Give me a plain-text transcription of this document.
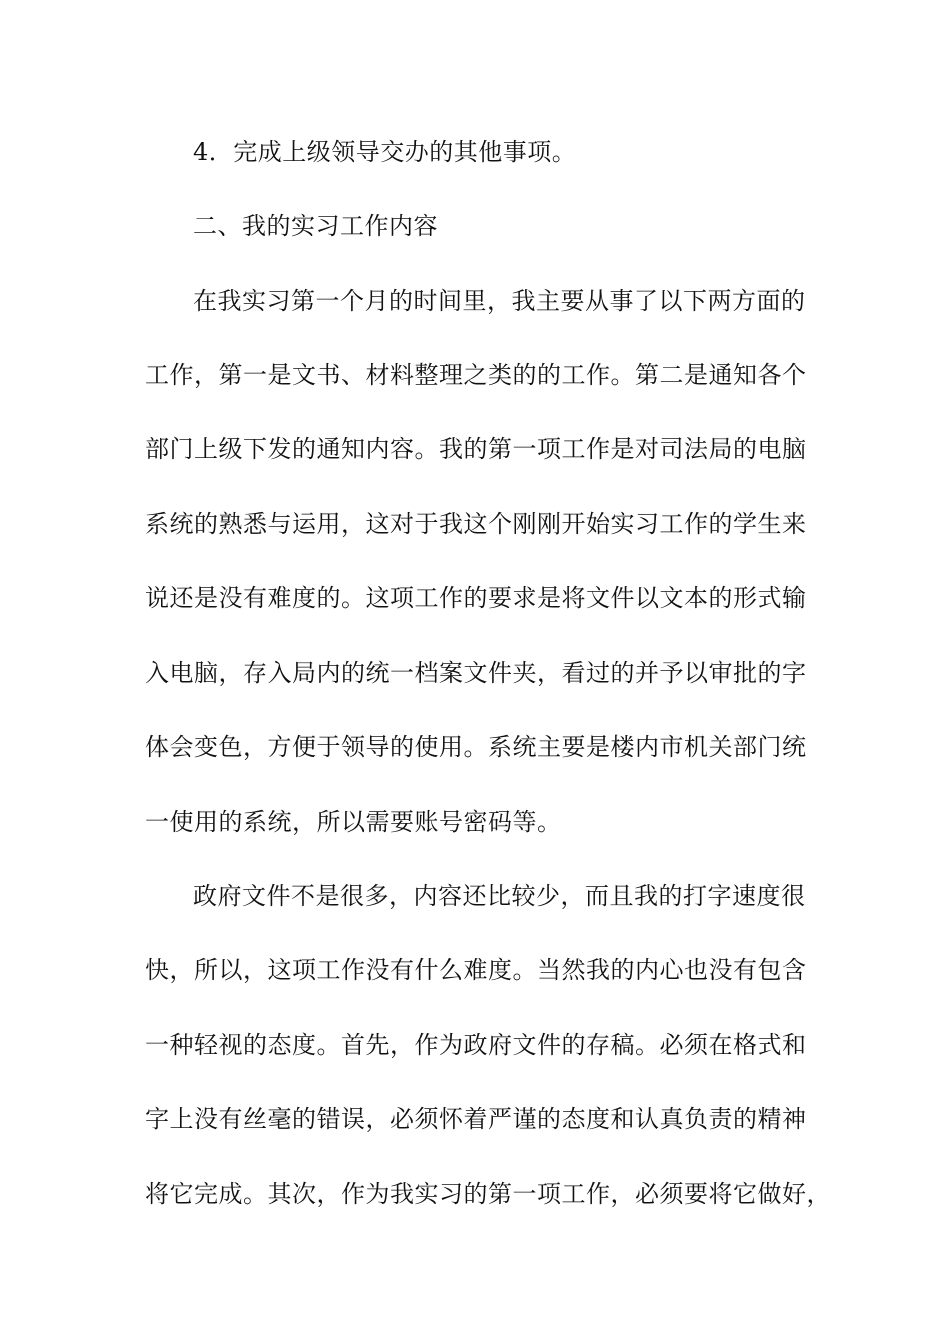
4．完成上级领导交办的其他事项。
二、我的实习工作内容
在我实习第一个月的时间里，我主要从事了以下两方面的
工作，第一是文书、材料整理之类的的工作。第二是通知各个
部门上级下发的通知内容。我的第一项工作是对司法局的电脑
系统的熟悉与运用，这对于我这个刚刚开始实习工作的学生来
说还是没有难度的。这项工作的要求是将文件以文本的形式输
入电脑，存入局内的统一档案文件夹，看过的并予以审批的字
体会变色，方便于领导的使用。系统主要是楼内市机关部门统
一使用的系统，所以需要账号密码等。
政府文件不是很多，内容还比较少，而且我的打字速度很
快，所以，这项工作没有什么难度。当然我的内心也没有包含
一种轻视的态度。首先，作为政府文件的存稿。必须在格式和
字上没有丝毫的错误，必须怀着严谨的态度和认真负责的精神
将它完成。其次，作为我实习的第一项工作，必须要将它做好，
